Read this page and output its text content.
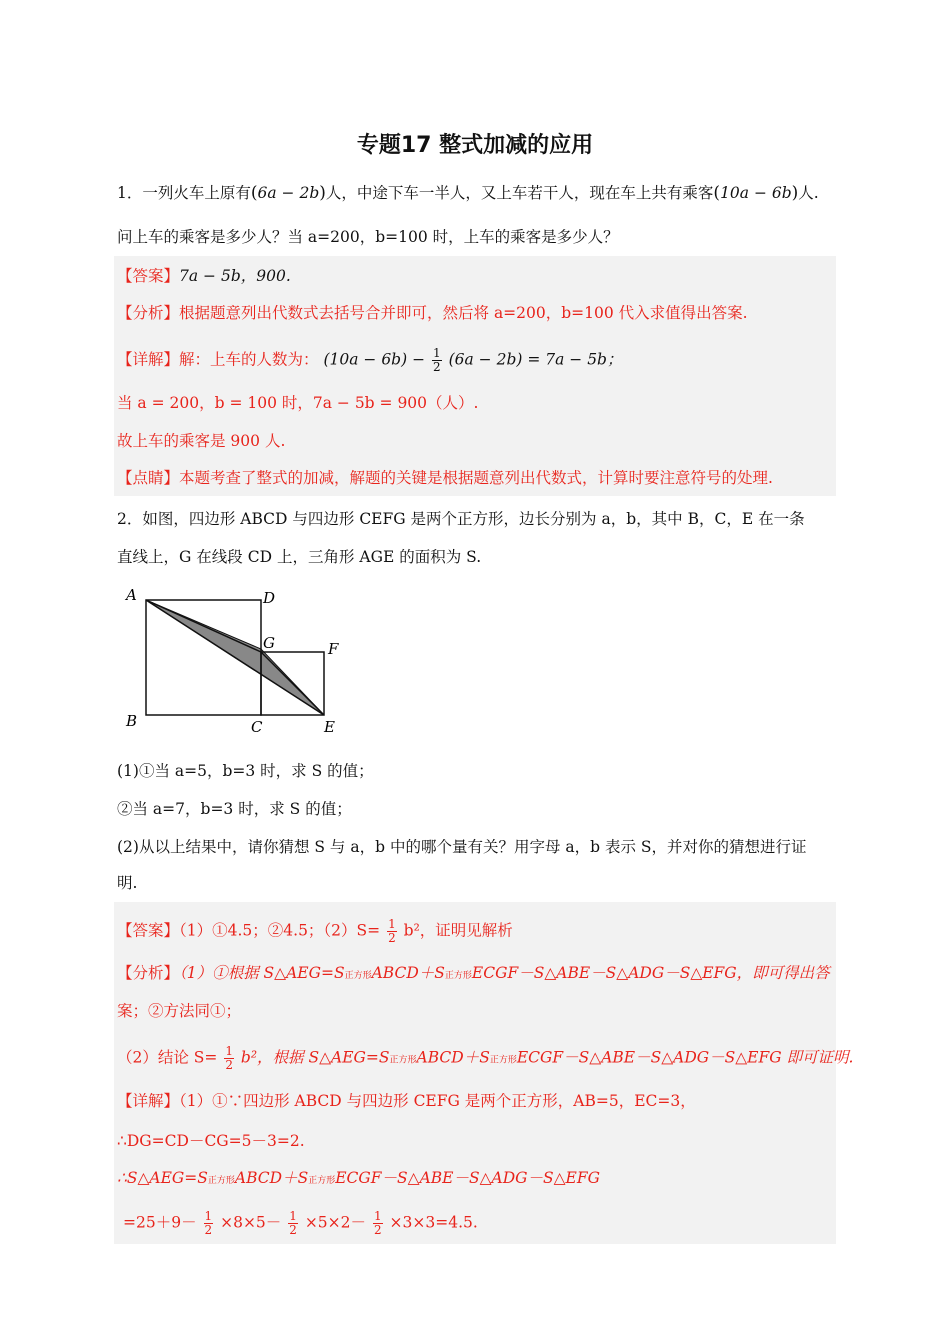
专题17 整式加减的应用
1．一列火车上原有(6a − 2b)人，中途下车一半人，又上车若干人，现在车上共有乘客(10a − 6b)人.
问上车的乘客是多少人？当 a=200，b=100 时，上车的乘客是多少人？
【答案】7a − 5b，900.
【分析】根据题意列出代数式去括号合并即可，然后将 a=200，b=100 代入求值得出答案.
【详解】解：上车的人数为： $(10a - 6b) - \frac{1}{2} (6a - 2b) = 7a - 5b$；
当 a = 200，b = 100 时，7a − 5b = 900（人）.
故上车的乘客是 900 人.
【点睛】本题考查了整式的加减，解题的关键是根据题意列出代数式，计算时要注意符号的处理.
2．如图，四边形 ABCD 与四边形 CEFG 是两个正方形，边长分别为 a，b，其中 B，C，E 在一条
直线上，G 在线段 CD 上，三角形 AGE 的面积为 S.
A	D
G	F
B	C	E
(1)①当 a=5，b=3 时，求 S 的值；
②当 a=7，b=3 时，求 S 的值；
(2)从以上结果中，请你猜想 S 与 a，b 中的哪个量有关？用字母 a，b 表示 S，并对你的猜想进行证
明.
【答案】（1）①4.5；②4.5；$(2)S= \frac{1}{2} b^2$，证明见解析
【分析】（1）①根据 S△AEG=S正方形ABCD＋S正方形ECGF－S△ABE－S△ADG－S△EFG，即可得出答
案；②方法同①；
（2）结论 $S= \frac{1}{2} b^2$，根据 S△AEG=S正方形ABCD＋S正方形ECGF－S△ABE－S△ADG－S△EFG 即可证明.
【详解】（1）①∵四边形 ABCD 与四边形 CEFG 是两个正方形，AB=5，EC=3，
∴DG=CD－CG=5－3=2.
∴S△AEG=S正方形ABCD＋S正方形ECGF－S△ABE－S△ADG－S△EFG
$=25+9- \frac{1}{2} \times 8\times 5- \frac{1}{2} \times 5\times 2- \frac{1}{2} \times 3\times 3=4.5$.
